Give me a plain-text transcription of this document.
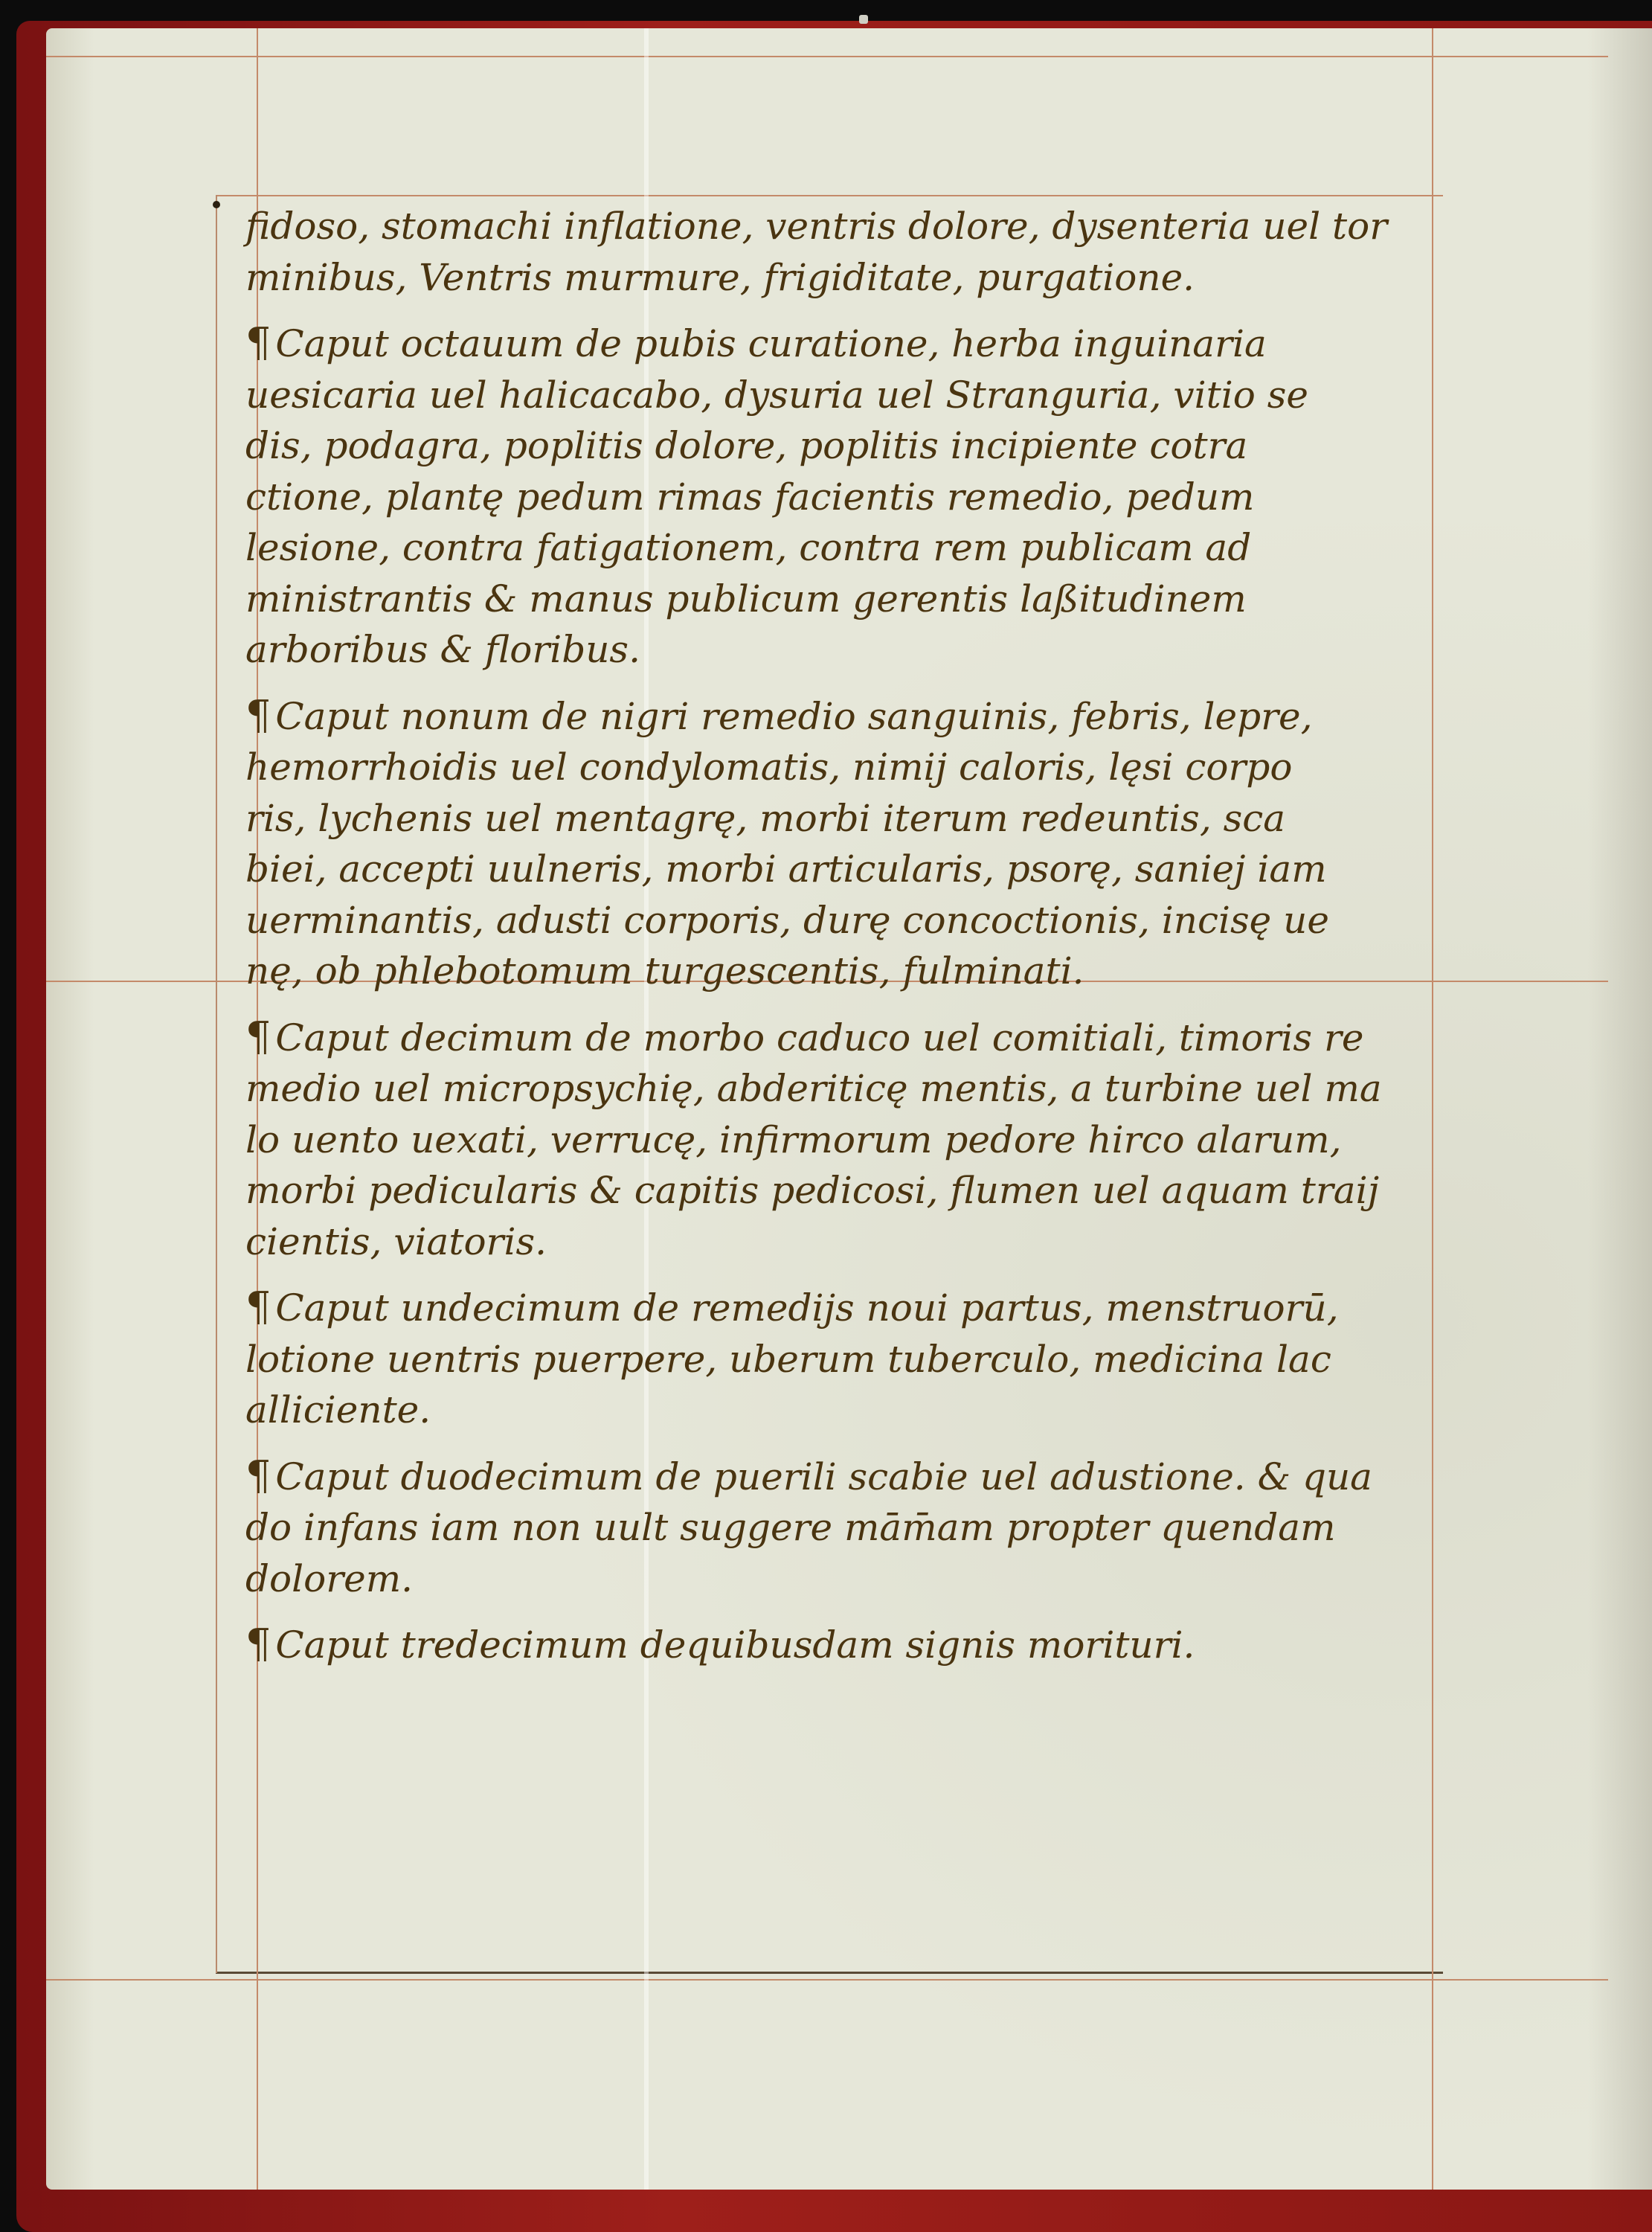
fidoso, stomachi inflatione, ventris dolore, dysenteria uel tor
minibus, Ventris murmure, frigiditate, purgatione.
¶ Caput octauum de pubis curatione, herba inguinaria
uesicaria uel halicacabo, dysuria uel Stranguria, vitio se
dis, podagra, poplitis dolore, poplitis incipiente cotra
ctione, plantę pedum rimas facientis remedio, pedum
lesione, contra fatigationem, contra rem publicam ad
ministrantis & manus publicum gerentis laßitudinem
arboribus & floribus.
¶ Caput nonum de nigri remedio sanguinis, febris, lepre,
hemorrhoidis uel condylomatis, nimij caloris, lęsi corpo
ris, lychenis uel mentagrę, morbi iterum redeuntis, sca
biei, accepti uulneris, morbi articularis, psorę, saniej iam
uerminantis, adusti corporis, durę concoctionis, incisę ue
nę, ob phlebotomum turgescentis, fulminati.
¶ Caput decimum de morbo caduco uel comitiali, timoris re
medio uel micropsychię, abderiticę mentis, a turbine uel ma
lo uento uexati, verrucę, infirmorum pedore hirco alarum,
morbi pedicularis & capitis pedicosi, flumen uel aquam traij
cientis, viatoris.
¶ Caput undecimum de remedijs noui partus, menstruorū,
lotione uentris puerpere, uberum tuberculo, medicina lac
alliciente.
¶ Caput duodecimum de puerili scabie uel adustione. & qua
do infans iam non uult suggere mām̄am propter quendam
dolorem.
¶ Caput tredecimum dequibusdam signis morituri.
